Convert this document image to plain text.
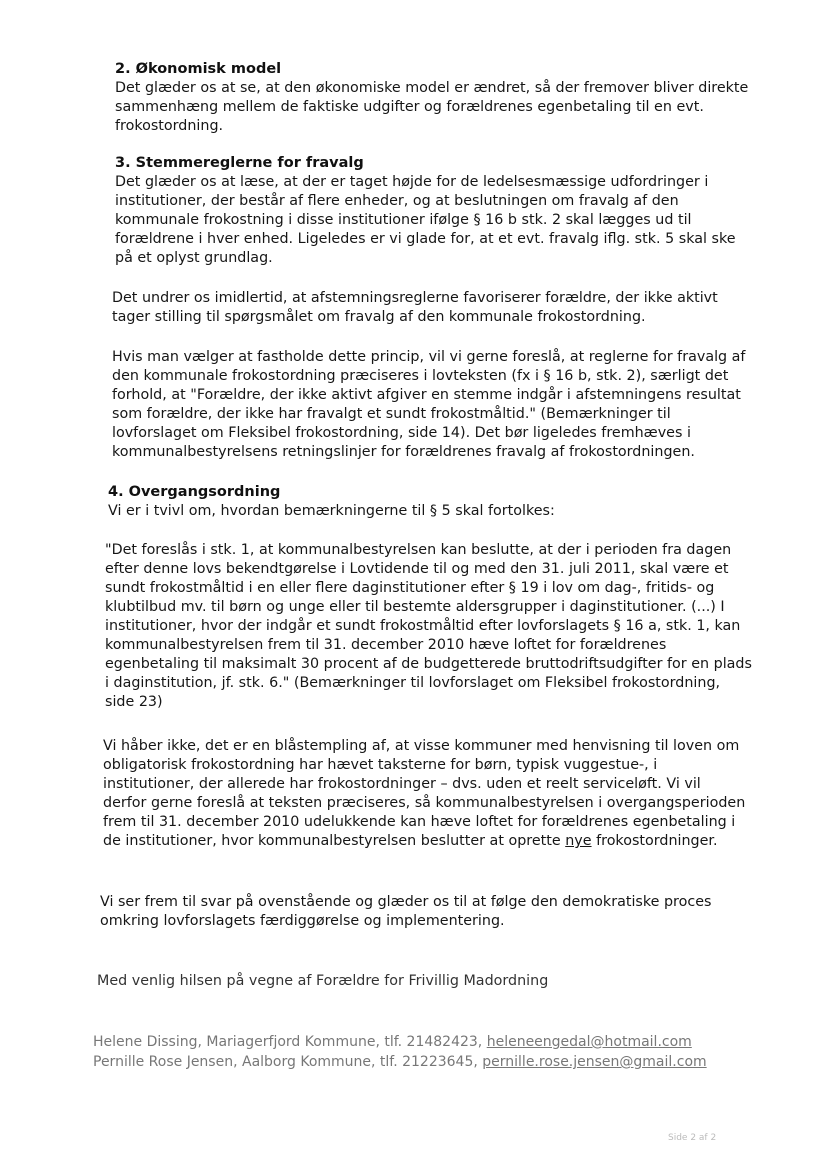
2. Økonomisk model
Det glæder os at se, at den økonomiske model er ændret, så der fremover bliver direkte
sammenhæng mellem de faktiske udgifter og forældrenes egenbetaling til en evt.
frokostordning.
3. Stemmereglerne for fravalg
Det glæder os at læse, at der er taget højde for de ledelsesmæssige udfordringer i
institutioner, der består af flere enheder, og at beslutningen om fravalg af den
kommunale frokostning i disse institutioner ifølge § 16 b stk. 2 skal lægges ud til
forældrene i hver enhed. Ligeledes er vi glade for, at et evt. fravalg iflg. stk. 5 skal ske
på et oplyst grundlag.
Det undrer os imidlertid, at afstemningsreglerne favoriserer forældre, der ikke aktivt
tager stilling til spørgsmålet om fravalg af den kommunale frokostordning.
Hvis man vælger at fastholde dette princip, vil vi gerne foreslå, at reglerne for fravalg af
den kommunale frokostordning præciseres i lovteksten (fx i § 16 b, stk. 2), særligt det
forhold, at "Forældre, der ikke aktivt afgiver en stemme indgår i afstemningens resultat
som forældre, der ikke har fravalgt et sundt frokostmåltid." (Bemærkninger til
lovforslaget om Fleksibel frokostordning, side 14). Det bør ligeledes fremhæves i
kommunalbestyrelsens retningslinjer for forældrenes fravalg af frokostordningen.
4. Overgangsordning
Vi er i tvivl om, hvordan bemærkningerne til § 5 skal fortolkes:
"Det foreslås i stk. 1, at kommunalbestyrelsen kan beslutte, at der i perioden fra dagen
efter denne lovs bekendtgørelse i Lovtidende til og med den 31. juli 2011, skal være et
sundt frokostmåltid i en eller flere daginstitutioner efter § 19 i lov om dag-, fritids- og
klubtilbud mv. til børn og unge eller til bestemte aldersgrupper i daginstitutioner. (...) I
institutioner, hvor der indgår et sundt frokostmåltid efter lovforslagets § 16 a, stk. 1, kan
kommunalbestyrelsen frem til 31. december 2010 hæve loftet for forældrenes
egenbetaling til maksimalt 30 procent af de budgetterede bruttodriftsudgifter for en plads
i daginstitution, jf. stk. 6." (Bemærkninger til lovforslaget om Fleksibel frokostordning,
side 23)
Vi håber ikke, det er en blåstempling af, at visse kommuner med henvisning til loven om
obligatorisk frokostordning har hævet taksterne for børn, typisk vuggestue-, i
institutioner, der allerede har frokostordninger – dvs. uden et reelt serviceløft. Vi vil
derfor gerne foreslå at teksten præciseres, så kommunalbestyrelsen i overgangsperioden
frem til 31. december 2010 udelukkende kan hæve loftet for forældrenes egenbetaling i
de institutioner, hvor kommunalbestyrelsen beslutter at oprette nye frokostordninger.
Vi ser frem til svar på ovenstående og glæder os til at følge den demokratiske proces
omkring lovforslagets færdiggørelse og implementering.
Med venlig hilsen på vegne af Forældre for Frivillig Madordning
Helene Dissing, Mariagerfjord Kommune, tlf. 21482423, heleneengedal@hotmail.com
Pernille Rose Jensen, Aalborg Kommune, tlf. 21223645, pernille.rose.jensen@gmail.com
Side 2 af 2
